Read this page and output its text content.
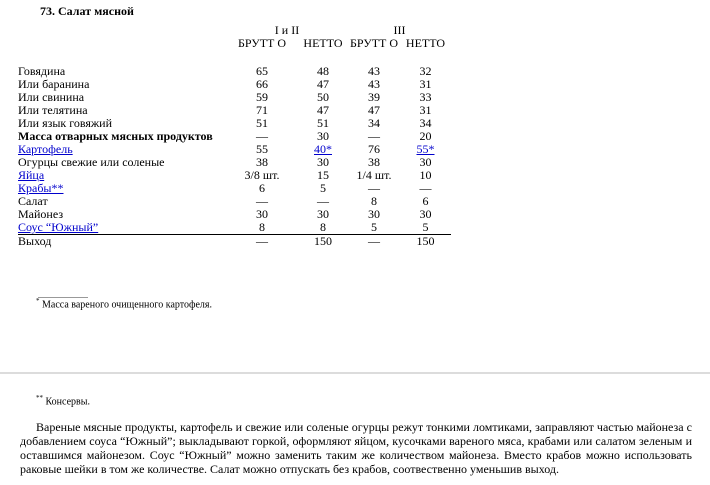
73. Салат мясной
	I и II		III	
	БРУТТ О	НЕТТО	БРУТТ О	НЕТТО
Говядина	65	48	43	32
Или баранина	66	47	43	31
Или свинина	59	50	39	33
Или телятина	71	47	47	31
Или язык говяжий	51	51	34	34
Масса отварных мясных продуктов	—	30	—	20
Картофель	55	40*	76	55*
Огурцы свежие или соленые	38	30	38	30
Яйца	3/8 шт.	15	1/4 шт.	10
Крабы**	6	5	—	—
Салат	—	—	8	6
Майонез	30	30	30	30
Соус “Южный”	8	8	5	5
Выход	—	150	—	150
* Масса вареного очищенного картофеля.
** Консервы.
Вареные мясные продукты, картофель и свежие или соленые огурцы режут тонкими ломтиками, заправляют частью майонеза с добавлением соуса “Южный”; выкладывают горкой, оформляют яйцом, кусочками вареного мяса, крабами или салатом зеленым и оставшимся майонезом. Соус “Южный” можно заменить таким же количеством майонеза. Вместо крабов можно использовать раковые шейки в том же количестве. Салат можно отпускать без крабов, соотвественно уменьшив выход.
